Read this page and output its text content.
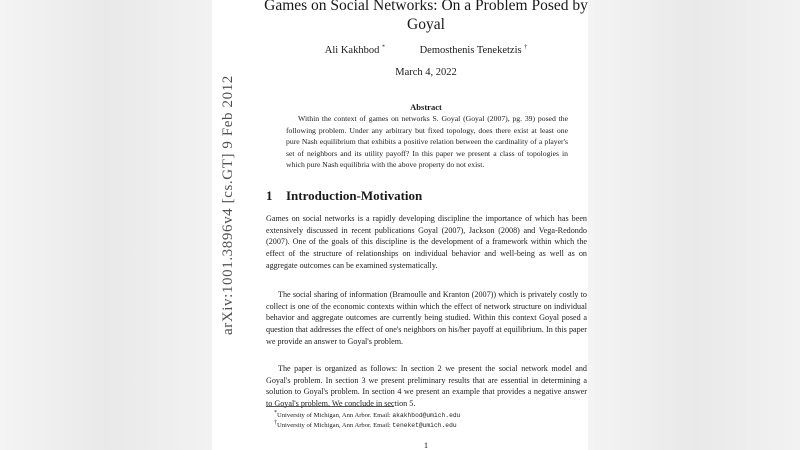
arXiv:1001.3896v4 [cs.GT] 9 Feb 2012
Games on Social Networks: On a Problem Posed by Goyal
Ali Kakhbod *	Demosthenis Teneketzis †
March 4, 2022
Abstract

Within the context of games on networks S. Goyal (Goyal (2007), pg. 39) posed the following problem. Under any arbitrary but fixed topology, does there exist at least one pure Nash equilibrium that exhibits a positive relation between the cardinality of a player's set of neighbors and its utility payoff? In this paper we present a class of topologies in which pure Nash equilibria with the above property do not exist.

1 Introduction-Motivation

Games on social networks is a rapidly developing discipline the importance of which has been extensively discussed in recent publications Goyal (2007), Jackson (2008) and Vega-Redondo (2007). One of the goals of this discipline is the development of a framework within which the effect of the structure of relationships on individual behavior and well-being as well as on aggregate outcomes can be examined systematically.

The social sharing of information (Bramoulle and Kranton (2007)) which is privately costly to collect is one of the economic contexts within which the effect of network structure on individual behavior and aggregate outcomes are currently being studied. Within this context Goyal posed a question that addresses the effect of one's neighbors on his/her payoff at equilibrium. In this paper we provide an answer to Goyal's problem.

The paper is organized as follows: In section 2 we present the social network model and Goyal's problem. In section 3 we present preliminary results that are essential in determining a solution to Goyal's problem. In section 4 we present an example that provides a negative answer to Goyal's problem. We conclude in section 5.

*University of Michigan, Ann Arbor. Email: akakhbod@umich.edu

†University of Michigan, Ann Arbor. Email: teneket@umich.edu

1
